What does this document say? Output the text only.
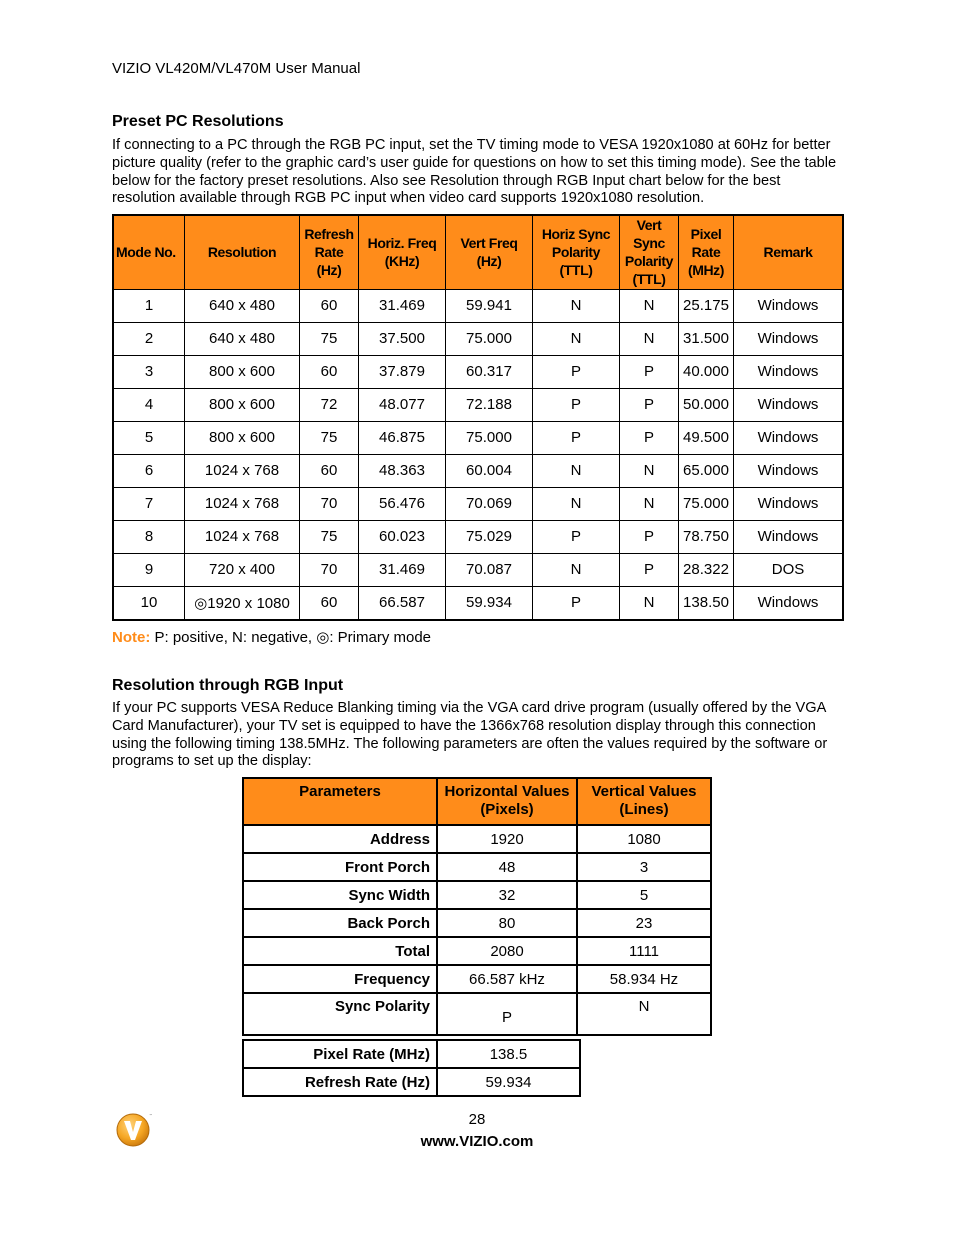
VIZIO VL420M/VL470M User Manual
Preset PC Resolutions

If connecting to a PC through the RGB PC input, set the TV timing mode to VESA 1920x1080 at 60Hz for better picture quality (refer to the graphic card’s user guide for questions on how to set this timing mode). See the table below for the factory preset resolutions. Also see Resolution through RGB Input chart below for the best resolution available through RGB PC input when video card supports 1920x1080 resolution.

Mode No.	Resolution	Refresh Rate (Hz)	Horiz. Freq (KHz)	Vert Freq (Hz)	Horiz Sync Polarity (TTL)	Vert Sync Polarity (TTL)	Pixel Rate (MHz)	Remark
1	640 x 480	60	31.469	59.941	N	N	25.175	Windows
2	640 x 480	75	37.500	75.000	N	N	31.500	Windows
3	800 x 600	60	37.879	60.317	P	P	40.000	Windows
4	800 x 600	72	48.077	72.188	P	P	50.000	Windows
5	800 x 600	75	46.875	75.000	P	P	49.500	Windows
6	1024 x 768	60	48.363	60.004	N	N	65.000	Windows
7	1024 x 768	70	56.476	70.069	N	N	75.000	Windows
8	1024 x 768	75	60.023	75.029	P	P	78.750	Windows
9	720 x 400	70	31.469	70.087	N	P	28.322	DOS
10	◎1920 x 1080	60	66.587	59.934	P	N	138.50	Windows
Note: P: positive, N: negative, ◎: Primary mode
Resolution through RGB Input

If your PC supports VESA Reduce Blanking timing via the VGA card drive program (usually offered by the VGA Card Manufacturer), your TV set is equipped to have the 1366x768 resolution display through this connection using the following timing 138.5MHz. The following parameters are often the values required by the software or programs to set up the display:

Parameters	Horizontal Values (Pixels)	Vertical Values (Lines)
Address	1920	1080
Front Porch	48	3
Sync Width	32	5
Back Porch	80	23
Total	2080	1111
Frequency	66.587 kHz	58.934 Hz
Sync Polarity	P	N
Pixel Rate (MHz)	138.5
Refresh Rate (Hz)	59.934
™	28
www.VIZIO.com
